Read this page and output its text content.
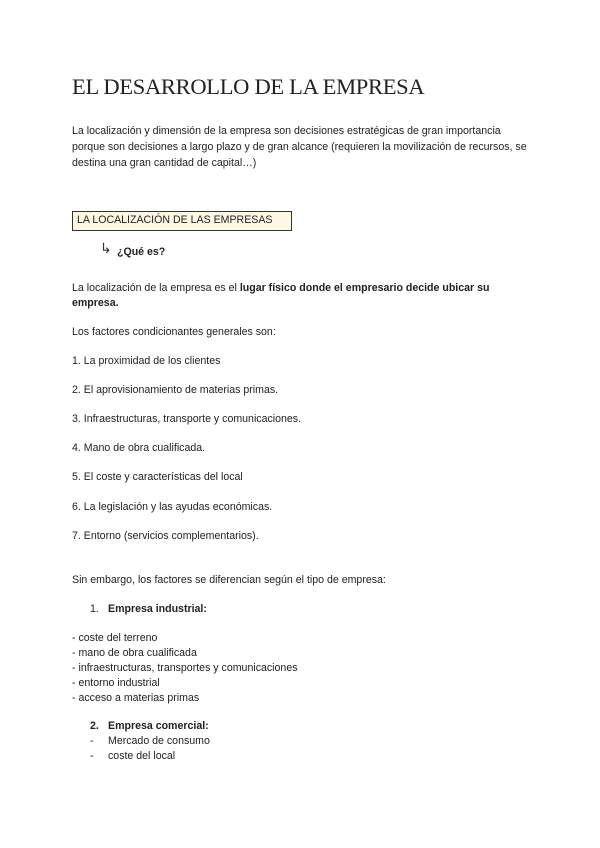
EL DESARROLLO DE LA EMPRESA
La localización y dimensión de la empresa son decisiones estratégicas de gran importancia porque son decisiones a largo plazo y de gran alcance (requieren la movilización de recursos, se destina una gran cantidad de capital…)
LA LOCALIZACIÓN DE LAS EMPRESAS
↳ ¿Qué es?
La localización de la empresa es el lugar físico donde el empresario decide ubicar su empresa.
Los factores condicionantes generales son:
1. La proximidad de los clientes
2. El aprovisionamiento de materias primas.
3. Infraestructuras, transporte y comunicaciones.
4. Mano de obra cualificada.
5. El coste y características del local
6. La legislación y las ayudas económicas.
7. Entorno (servicios complementarios).
Sin embargo, los factores se diferencian según el tipo de empresa:
1. Empresa industrial:
- coste del terreno
- mano de obra cualificada
- infraestructuras, transportes y comunicaciones
- entorno industrial
- acceso a materias primas
2. Empresa comercial:
- Mercado de consumo
- coste del local
